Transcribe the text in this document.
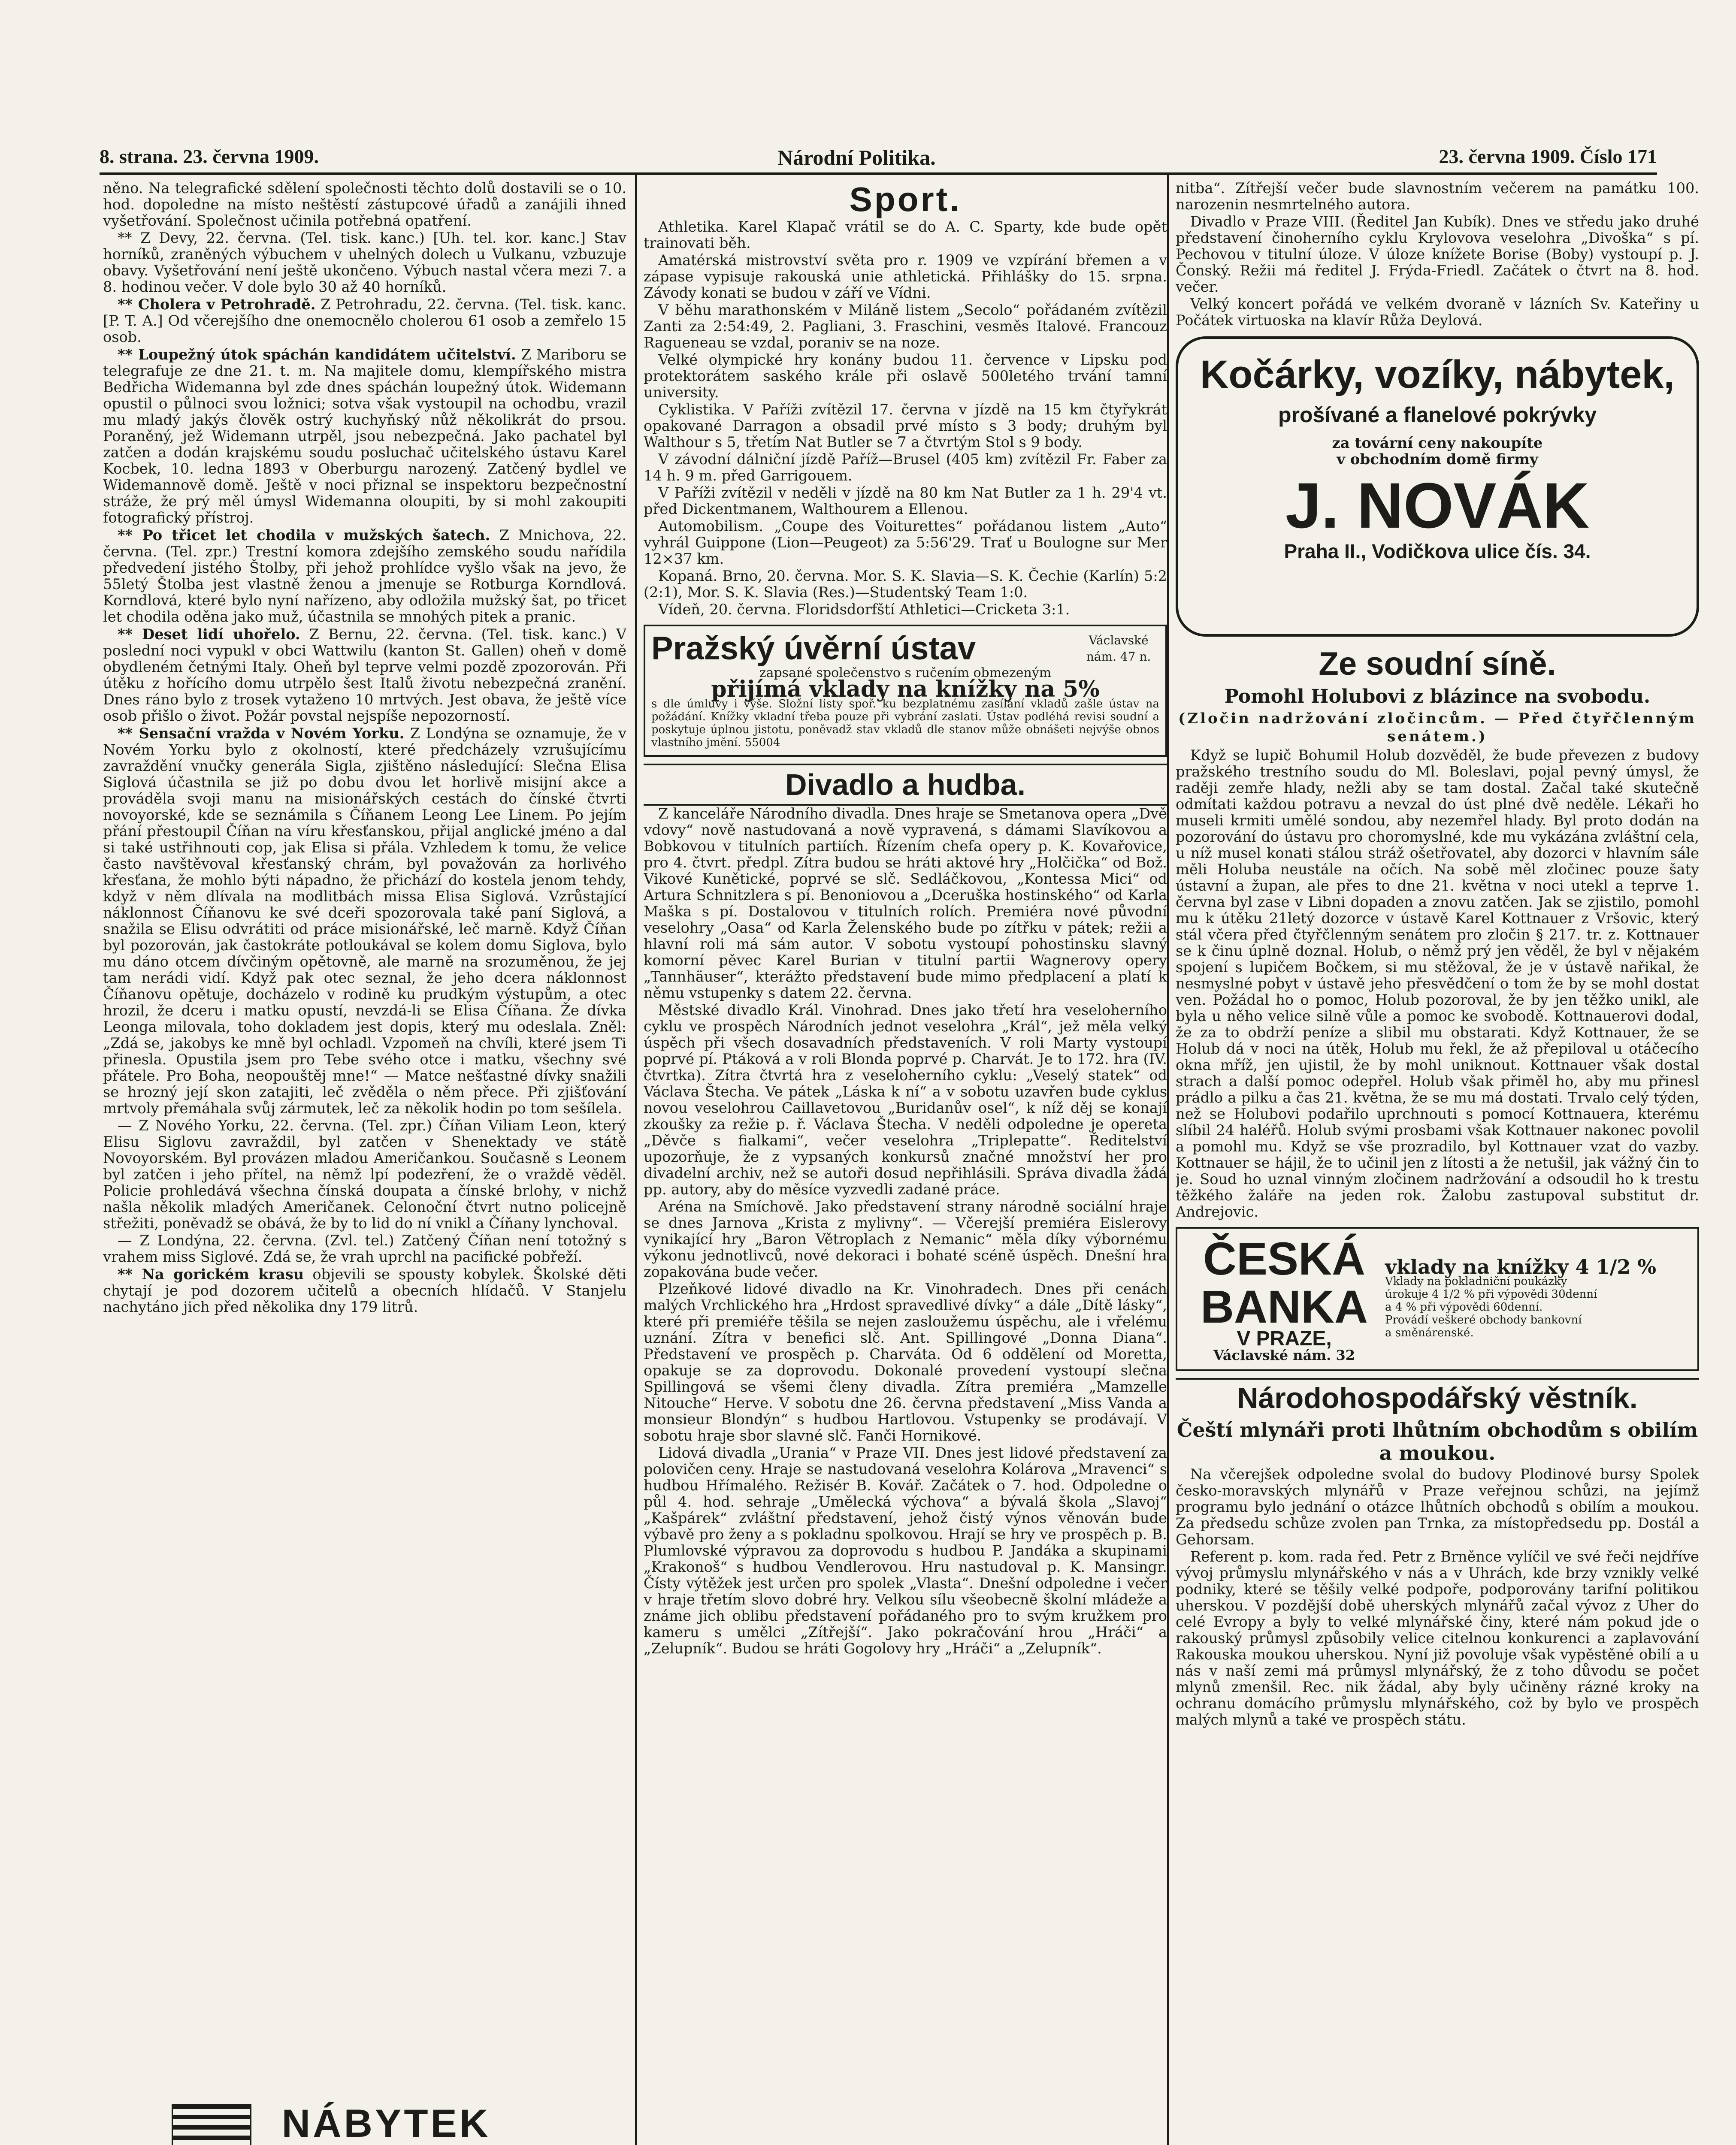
8. strana. 23. června 1909.	Národní Politika.	23. června 1909. Číslo 171

něno. Na telegrafické sdělení společnosti těchto dolů dostavili se o 10. hod. dopoledne na místo neštěstí zástupcové úřadů a zanájili ihned vyšetřování. Společnost učinila potřebná opatření.

** Z Devy, 22. června. (Tel. tisk. kanc.) [Uh. tel. kor. kanc.] Stav horníků, zraněných výbuchem v uhelných dolech u Vulkanu, vzbuzuje obavy. Vyšetřování není ještě ukončeno. Výbuch nastal včera mezi 7. a 8. hodinou večer. V dole bylo 30 až 40 horníků.

** Cholera v Petrohradě. Z Petrohradu, 22. června. (Tel. tisk. kanc. [P. T. A.] Od včerejšího dne onemocnělo cholerou 61 osob a zemřelo 15 osob.

** Loupežný útok spáchán kandidátem učitelství. Z Mariboru se telegrafuje ze dne 21. t. m. Na majitele domu, klempířského mistra Bedřicha Widemanna byl zde dnes spáchán loupežný útok. Widemann opustil o půlnoci svou ložnici; sotva však vystoupil na ochodbu, vrazil mu mladý jakýs člověk ostrý kuchyňský nůž několikrát do prsou. Poraněný, jež Widemann utrpěl, jsou nebezpečná. Jako pachatel byl zatčen a dodán krajskému soudu posluchač učitelského ústavu Karel Kocbek, 10. ledna 1893 v Oberburgu narozený. Zatčený bydlel ve Widemannově domě. Ještě v noci přiznal se inspektoru bezpečnostní stráže, že prý měl úmysl Widemanna oloupiti, by si mohl zakoupiti fotografický přístroj.

** Po třicet let chodila v mužských šatech. Z Mnichova, 22. června. (Tel. zpr.) Trestní komora zdejšího zemského soudu nařídila předvedení jistého Štolby, při jehož prohlídce vyšlo však na jevo, že 55letý Štolba jest vlastně ženou a jmenuje se Rotburga Korndlová. Korndlová, které bylo nyní nařízeno, aby odložila mužský šat, po třicet let chodila oděna jako muž, účastnila se mnohých pitek a pranic.

** Deset lidí uhořelo. Z Bernu, 22. června. (Tel. tisk. kanc.) V poslední noci vypukl v obci Wattwilu (kanton St. Gallen) oheň v domě obydleném četnými Italy. Oheň byl teprve velmi pozdě zpozorován. Při útěku z hořícího domu utrpělo šest Italů životu nebezpečná zranění. Dnes ráno bylo z trosek vytaženo 10 mrtvých. Jest obava, že ještě více osob přišlo o život. Požár povstal nejspíše nepozorností.

** Sensační vražda v Novém Yorku. Z Londýna se oznamuje, že v Novém Yorku bylo z okolností, které předcházely vzrušujícímu zavraždění vnučky generála Sigla, zjištěno následující: Slečna Elisa Siglová účastnila se již po dobu dvou let horlivě misijní akce a prováděla svoji manu na misionářských cestách do čínské čtvrti novoyorské, kde se seznámila s Číňanem Leong Lee Linem. Po jejím přání přestoupil Číňan na víru křesťanskou, přijal anglické jméno a dal si také ustřihnouti cop, jak Elisa si přála. Vzhledem k tomu, že velice často navštěvoval křesťanský chrám, byl považován za horlivého křesťana, že mohlo býti nápadno, že přichází do kostela jenom tehdy, když v něm dlívala na modlitbách missa Elisa Siglová. Vzrůstající náklonnost Číňanovu ke své dceři spozorovala také paní Siglová, a snažila se Elisu odvrátiti od práce misionářské, leč marně. Když Číňan byl pozorován, jak častokráte potloukával se kolem domu Siglova, bylo mu dáno otcem dívčiným opětovně, ale marně na srozuměnou, že jej tam nerádi vidí. Když pak otec seznal, že jeho dcera náklonnost Číňanovu opětuje, docházelo v rodině ku prudkým výstupům, a otec hrozil, že dceru i matku opustí, nevzdá-li se Elisa Číňana. Že dívka Leonga milovala, toho dokladem jest dopis, který mu odeslala. Zněl: „Zdá se, jakobys ke mně byl ochladl. Vzpomeň na chvíli, které jsem Ti přinesla. Opustila jsem pro Tebe svého otce i matku, všechny své přátele. Pro Boha, neopouštěj mne!“ — Matce nešťastné dívky snažili se hrozný její skon zatajiti, leč zvěděla o něm přece. Při zjišťování mrtvoly přemáhala svůj zármutek, leč za několik hodin po tom sešílela.

— Z Nového Yorku, 22. června. (Tel. zpr.) Číňan Viliam Leon, který Elisu Siglovu zavraždil, byl zatčen v Shenektady ve státě Novoyorském. Byl provázen mladou Američankou. Současně s Leonem byl zatčen i jeho přítel, na němž lpí podezření, že o vraždě věděl. Policie prohledává všechna čínská doupata a čínské brlohy, v nichž našla několik mladých Američanek. Celonoční čtvrt nutno policejně střežiti, poněvadž se obává, že by to lid do ní vnikl a Číňany lynchoval.

— Z Londýna, 22. června. (Zvl. tel.) Zatčený Číňan není totožný s vrahem miss Siglové. Zdá se, že vrah uprchl na pacifické pobřeží.

** Na gorickém krasu objevili se spousty kobylek. Školské děti chytají je pod dozorem učitelů a obecních hlídačů. V Stanjelu nachytáno jich před několika dny 179 litrů.

NÁBYTEK
Sport.

Athletika. Karel Klapač vrátil se do A. C. Sparty, kde bude opět trainovati běh.

Amatérská mistrovství světa pro r. 1909 ve vzpírání břemen a v zápase vypisuje rakouská unie athletická. Přihlášky do 15. srpna. Závody konati se budou v září ve Vídni.

V běhu marathonském v Miláně listem „Secolo“ pořádaném zvítězil Zanti za 2:54:49, 2. Pagliani, 3. Fraschini, vesměs Italové. Francouz Ragueneau se vzdal, poraniv se na noze.

Velké olympické hry konány budou 11. července v Lipsku pod protektorátem saského krále při oslavě 500letého trvání tamní university.

Cyklistika. V Paříži zvítězil 17. června v jízdě na 15 km čtyřykrát opakované Darragon a obsadil prvé místo s 3 body; druhým byl Walthour s 5, třetím Nat Butler se 7 a čtvrtým Stol s 9 body.

V závodní dálniční jízdě Paříž—Brusel (405 km) zvítězil Fr. Faber za 14 h. 9 m. před Garrigouem.

V Paříži zvítězil v neděli v jízdě na 80 km Nat Butler za 1 h. 29'4 vt. před Dickentmanem, Walthourem a Ellenou.

Automobilism. „Coupe des Voiturettes“ pořádanou listem „Auto“ vyhrál Guippone (Lion—Peugeot) za 5:56'29. Trať u Boulogne sur Mer 12×37 km.

Kopaná. Brno, 20. června. Mor. S. K. Slavia—S. K. Čechie (Karlín) 5:2 (2:1), Mor. S. K. Slavia (Res.)—Studentský Team 1:0.

Vídeň, 20. června. Floridsdorfští Athletici—Cricketa 3:1.

Pražský úvěrní ústav	Václavské nám. 47 n.
zapsané společenstvo s ručením obmezeným
přijímá vklady na knížky na 5%
s dle úmluvy i výše. Složní listy spoř. ku bezplatnému zasílání vkladů zašle ústav na požádání. Knížky vkladní třeba pouze při vybrání zaslati. Ústav podléhá revisi soudní a poskytuje úplnou jistotu, poněvadž stav vkladů dle stanov může obnášeti nejvýše obnos vlastního jmění. 55004
Divadlo a hudba.

Z kanceláře Národního divadla. Dnes hraje se Smetanova opera „Dvě vdovy“ nově nastudovaná a nově vypravená, s dámami Slavíkovou a Bobkovou v titulních partiích. Řízením chefa opery p. K. Kovařovice, pro 4. čtvrt. předpl. Zítra budou se hráti aktové hry „Holčička“ od Bož. Vikové Kunětické, poprvé se slč. Sedláčkovou, „Kontessa Mici“ od Artura Schnitzlera s pí. Benoniovou a „Dceruška hostinského“ od Karla Maška s pí. Dostalovou v titulních rolích. Premiéra nové původní veselohry „Oasa“ od Karla Želenského bude po zítřku v pátek; režii a hlavní roli má sám autor. V sobotu vystoupí pohostinsku slavný komorní pěvec Karel Burian v titulní partii Wagnerovy opery „Tannhäuser“, kterážto představení bude mimo předplacení a platí k němu vstupenky s datem 22. června.

Městské divadlo Král. Vinohrad. Dnes jako třetí hra veseloherního cyklu ve prospěch Národních jednot veselohra „Král“, jež měla velký úspěch při všech dosavadních představeních. V roli Marty vystoupí poprvé pí. Ptáková a v roli Blonda poprvé p. Charvát. Je to 172. hra (IV. čtvrtka). Zítra čtvrtá hra z veseloherního cyklu: „Veselý statek“ od Václava Štecha. Ve pátek „Láska k ní“ a v sobotu uzavřen bude cyklus novou veselohrou Caillavetovou „Buridanův osel“, k níž děj se konají zkoušky za režie p. ř. Václava Štecha. V neděli odpoledne je opereta „Děvče s fialkami“, večer veselohra „Triplepatte“. Ředitelství upozorňuje, že z vypsaných konkursů značné množství her pro divadelní archiv, než se autoři dosud nepřihlásili. Správa divadla žádá pp. autory, aby do měsíce vyzvedli zadané práce.

Aréna na Smíchově. Jako představení strany národně sociální hraje se dnes Jarnova „Krista z mylivny“. — Včerejší premiéra Eislerovy vynikající hry „Baron Větroplach z Nemanic“ měla díky výbornému výkonu jednotlivců, nové dekoraci i bohaté scéně úspěch. Dnešní hra zopakována bude večer.

Plzeňkové lidové divadlo na Kr. Vinohradech. Dnes při cenách malých Vrchlického hra „Hrdost spravedlivé dívky“ a dále „Dítě lásky“, které při premiéře těšila se nejen zasloužemu úspěchu, ale i vřelému uznání. Zítra v benefici slč. Ant. Spillingové „Donna Diana“. Představení ve prospěch p. Charváta. Od 6 oddělení od Moretta, opakuje se za doprovodu. Dokonalé provedení vystoupí slečna Spillingová se všemi členy divadla. Zítra premiéra „Mamzelle Nitouche“ Herve. V sobotu dne 26. června představení „Miss Vanda a monsieur Blondýn“ s hudbou Hartlovou. Vstupenky se prodávají. V sobotu hraje sbor slavné slč. Fanči Hornikové.

Lidová divadla „Urania“ v Praze VII. Dnes jest lidové představení za polovičen ceny. Hraje se nastudovaná veselohra Kolárova „Mravenci“ s hudbou Hřímalého. Režisér B. Kovář. Začátek o 7. hod. Odpoledne o půl 4. hod. sehraje „Umělecká výchova“ a bývalá škola „Slavoj“ „Kašpárek“ zvláštní představení, jehož čistý výnos věnován bude výbavě pro ženy a s pokladnu spolkovou. Hrají se hry ve prospěch p. B. Plumlovské výpravou za doprovodu s hudbou P. Jandáka a skupinami „Krakonoš“ s hudbou Vendlerovou. Hru nastudoval p. K. Mansingr. Čísty výtěžek jest určen pro spolek „Vlasta“. Dnešní odpoledne i večer v hraje třetím slovo dobré hry. Velkou sílu všeobecně školní mládeže a známe jich oblibu představení pořádaného pro to svým kružkem pro kameru s umělci „Zítřejší“. Jako pokračování hrou „Hráči“ a „Zelupník“. Budou se hráti Gogolovy hry „Hráči“ a „Zelupník“.

nitba“. Zítřejší večer bude slavnostním večerem na památku 100. narozenin nesmrtelného autora.

Divadlo v Praze VIII. (Ředitel Jan Kubík). Dnes ve středu jako druhé představení činoherního cyklu Krylovova veselohra „Divoška“ s pí. Pechovou v titulní úloze. V úloze knížete Borise (Boby) vystoupí p. J. Čonský. Režii má ředitel J. Frýda-Friedl. Začátek o čtvrt na 8. hod. večer.

Velký koncert pořádá ve velkém dvoraně v lázních Sv. Kateřiny u Počátek virtuoska na klavír Růža Deylová.

Kočárky, vozíky, nábytek,
prošívané a flanelové pokrývky
za tovární ceny nakoupíte
v obchodním domě firmy
J. NOVÁK
Praha II., Vodičkova ulice čís. 34.
Ze soudní síně.
Pomohl Holubovi z blázince na svobodu.
(Zločin nadržování zločincům. — Před čtyřčlenným senátem.)

Když se lupič Bohumil Holub dozvěděl, že bude převezen z budovy pražského trestního soudu do Ml. Boleslavi, pojal pevný úmysl, že raději zemře hlady, nežli aby se tam dostal. Začal také skutečně odmítati každou potravu a nevzal do úst plné dvě neděle. Lékaři ho museli krmiti umělé sondou, aby nezemřel hlady. Byl proto dodán na pozorování do ústavu pro choromyslné, kde mu vykázána zvláštní cela, u níž musel konati stálou stráž ošetřovatel, aby dozorci v hlavním sále měli Holuba neustále na očích. Na sobě měl zločinec pouze šaty ústavní a župan, ale přes to dne 21. května v noci utekl a teprve 1. června byl zase v Libni dopaden a znovu zatčen. Jak se zjistilo, pomohl mu k útěku 21letý dozorce v ústavě Karel Kottnauer z Vršovic, který stál včera před čtyřčlenným senátem pro zločin § 217. tr. z. Kottnauer se k činu úplně doznal. Holub, o němž prý jen věděl, že byl v nějakém spojení s lupičem Bočkem, si mu stěžoval, že je v ústavě nařikal, že nesmyslné pobyt v ústavě jeho přesvědčení o tom že by se mohl dostat ven. Požádal ho o pomoc, Holub pozoroval, že by jen těžko unikl, ale byla u něho velice silně vůle a pomoc ke svobodě. Kottnauerovi dodal, že za to obdrží peníze a slibil mu obstarati. Když Kottnauer, že se Holub dá v noci na útěk, Holub mu řekl, že až přepiloval u otáčecího okna mříž, jen ujistil, že by mohl uniknout. Kottnauer však dostal strach a další pomoc odepřel. Holub však přiměl ho, aby mu přinesl prádlo a pilku a čas 21. května, že se mu má dostati. Trvalo celý týden, než se Holubovi podařilo uprchnouti s pomocí Kottnauera, kterému slíbil 24 haléřů. Holub svými prosbami však Kottnauer nakonec povolil a pomohl mu. Když se vše prozradilo, byl Kottnauer vzat do vazby. Kottnauer se hájil, že to učinil jen z lítosti a že netušil, jak vážný čin to je. Soud ho uznal vinným zločinem nadržování a odsoudil ho k trestu těžkého žaláře na jeden rok. Žalobu zastupoval substitut dr. Andrejovic.

ČESKÁ
BANKA
V PRAZE,
Václavské nám. 32
vklady na knížky 4 1/2 %
Vklady na pokladniční poukázky
úrokuje 4 1/2 % při výpovědi 30denní
a 4 % při výpovědi 60denní.
Provádí veškeré obchody bankovní
a směnárenské.
Národohospodářský věstník.
Čeští mlynáři proti lhůtním obchodům s obilím a moukou.

Na včerejšek odpoledne svolal do budovy Plodinové bursy Spolek česko-moravských mlynářů v Praze veřejnou schůzi, na jejímž programu bylo jednání o otázce lhůtních obchodů s obilím a moukou. Za předsedu schůze zvolen pan Trnka, za místopředsedu pp. Dostál a Gehorsam.

Referent p. kom. rada řed. Petr z Brněnce vylíčil ve své řeči nejdříve vývoj průmyslu mlynářského v nás a v Uhrách, kde brzy vznikly velké podniky, které se těšily velké podpoře, podporovány tarifní politikou uherskou. V pozdější době uherských mlynářů začal vývoz z Uher do celé Evropy a byly to velké mlynářské činy, které nám pokud jde o rakouský průmysl způsobily velice citelnou konkurenci a zaplavování Rakouska moukou uherskou. Nyní již povoluje však vypěstěné obilí a u nás v naší zemi má průmysl mlynářský, že z toho důvodu se počet mlynů zmenšil. Rec. nik žádal, aby byly učiněny rázné kroky na ochranu domácího průmyslu mlynářského, což by bylo ve prospěch malých mlynů a také ve prospěch státu.
